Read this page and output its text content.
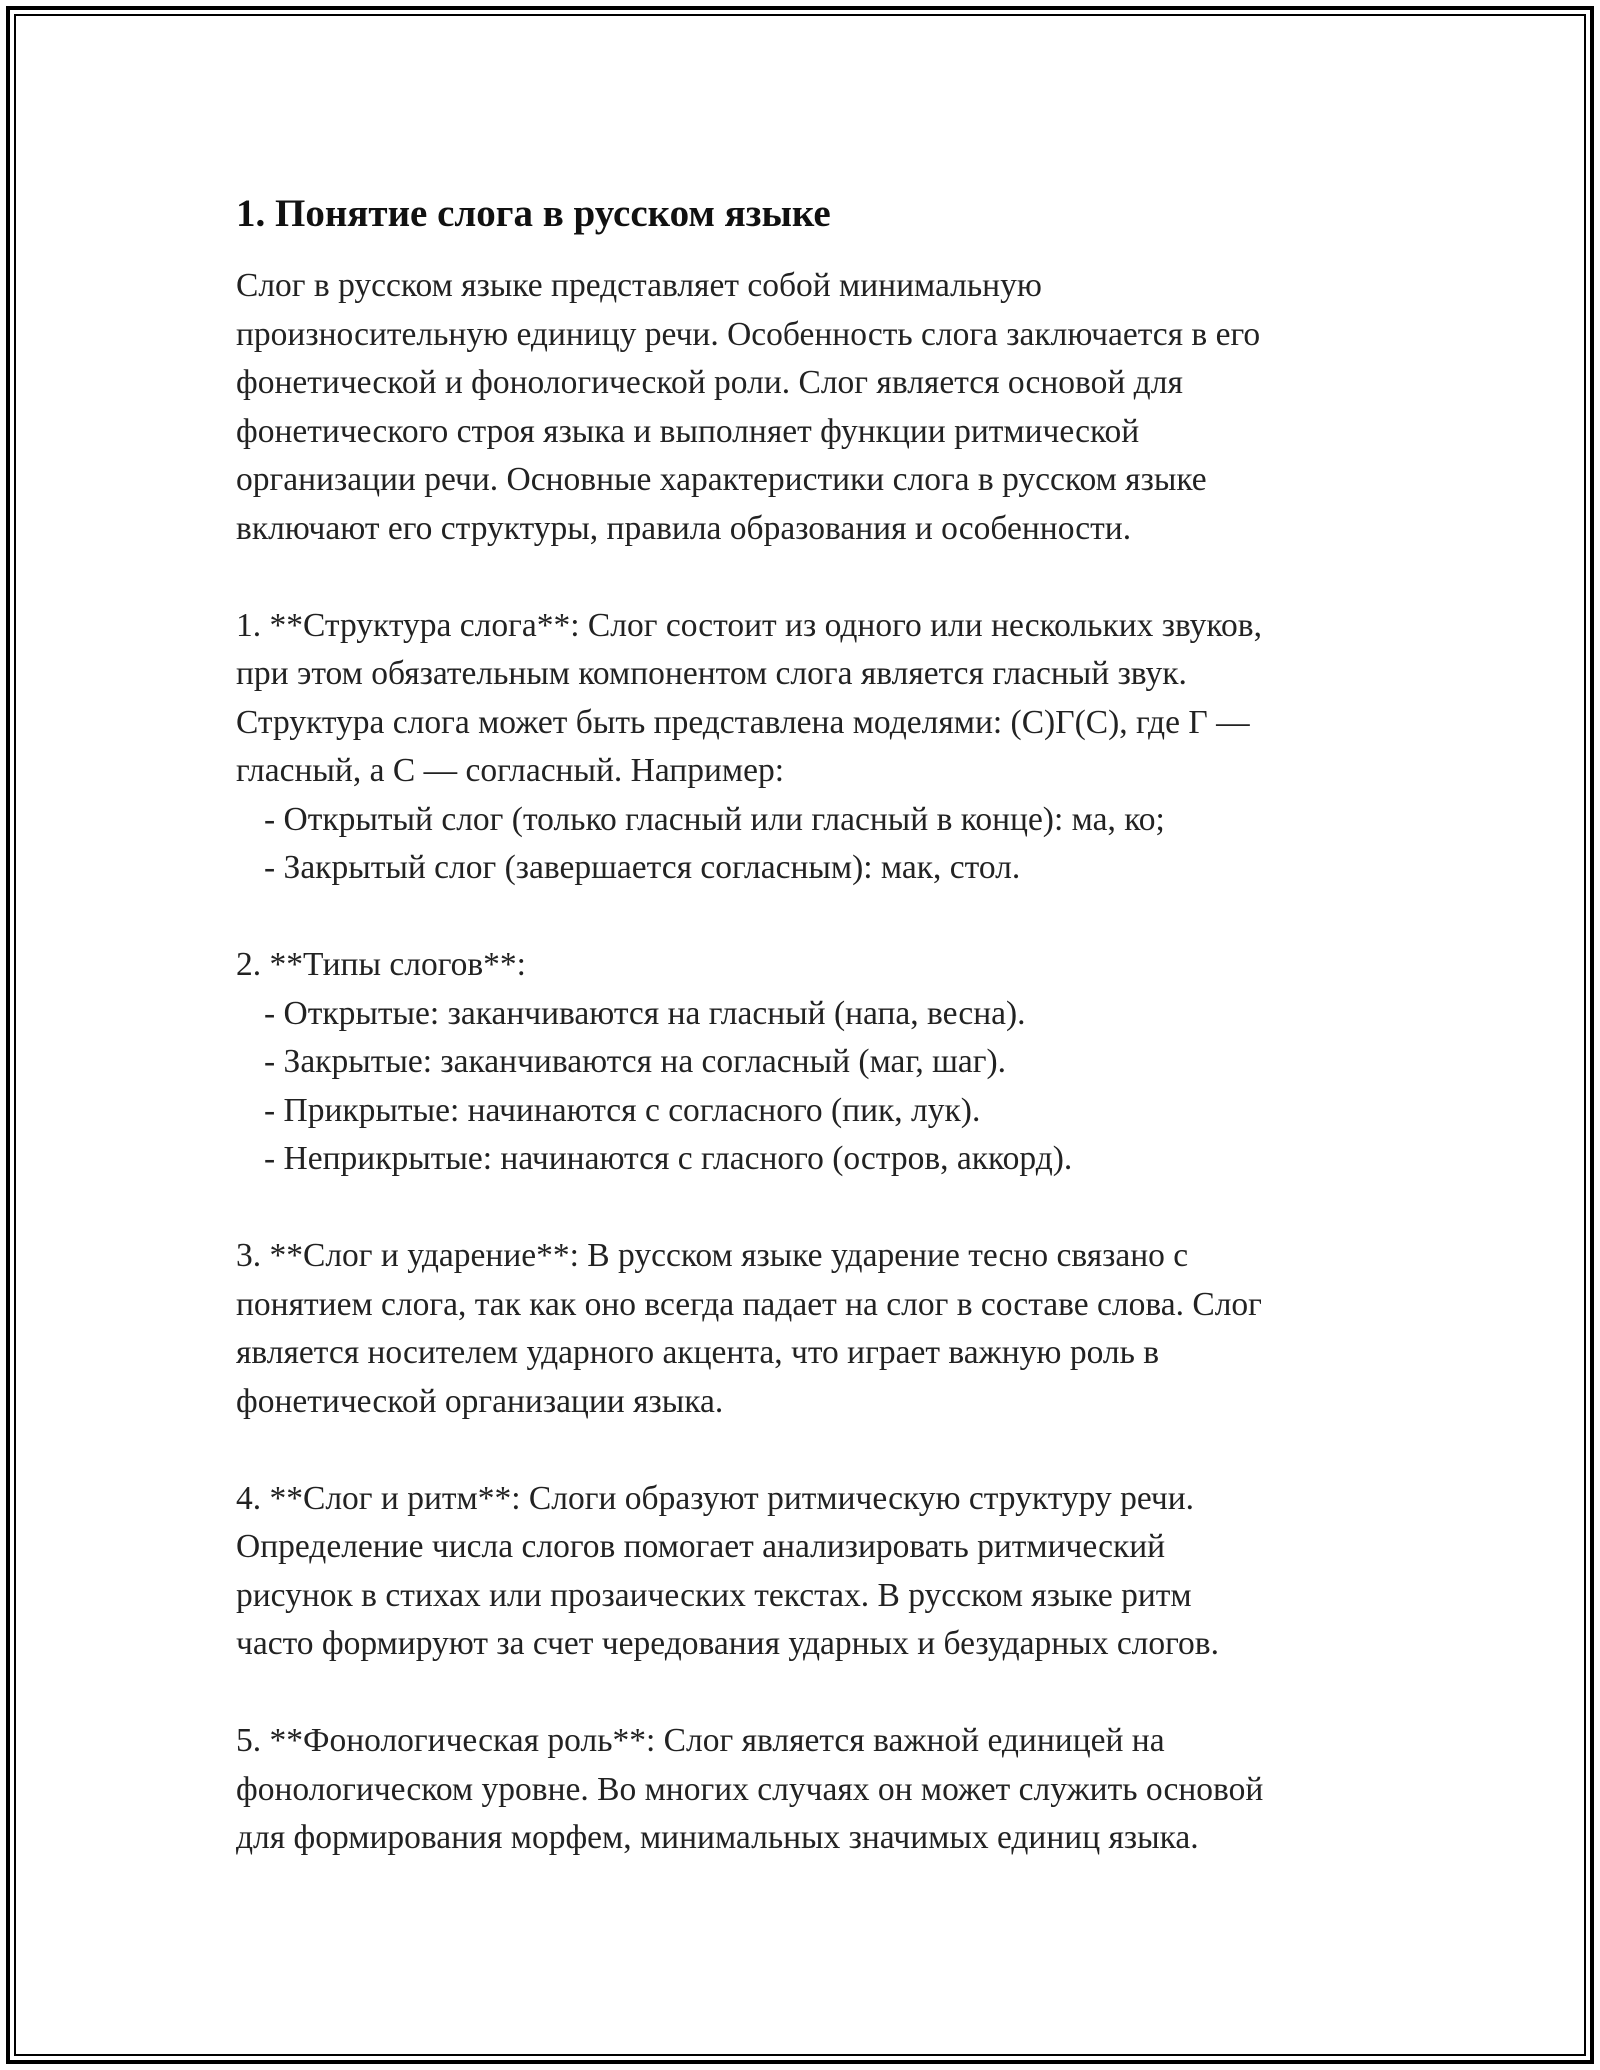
1. Понятие слога в русском языке

Слог в русском языке представляет собой минимальную
произносительную единицу речи. Особенность слога заключается в его
фонетической и фонологической роли. Слог является основой для
фонетического строя языка и выполняет функции ритмической
организации речи. Основные характеристики слога в русском языке
включают его структуры, правила образования и особенности.

1. **Структура слога**: Слог состоит из одного или нескольких звуков,
при этом обязательным компонентом слога является гласный звук.
Структура слога может быть представлена моделями: (С)Г(С), где Г —
гласный, а С — согласный. Например:

- Открытый слог (только гласный или гласный в конце): ма, ко;
- Закрытый слог (завершается согласным): мак, стол.

2. **Типы слогов**:

- Открытые: заканчиваются на гласный (напа, весна).
- Закрытые: заканчиваются на согласный (маг, шаг).
- Прикрытые: начинаются с согласного (пик, лук).
- Неприкрытые: начинаются с гласного (остров, аккорд).

3. **Слог и ударение**: В русском языке ударение тесно связано с
понятием слога, так как оно всегда падает на слог в составе слова. Слог
является носителем ударного акцента, что играет важную роль в
фонетической организации языка.

4. **Слог и ритм**: Слоги образуют ритмическую структуру речи.
Определение числа слогов помогает анализировать ритмический
рисунок в стихах или прозаических текстах. В русском языке ритм
часто формируют за счет чередования ударных и безударных слогов.

5. **Фонологическая роль**: Слог является важной единицей на
фонологическом уровне. Во многих случаях он может служить основой
для формирования морфем, минимальных значимых единиц языка.
